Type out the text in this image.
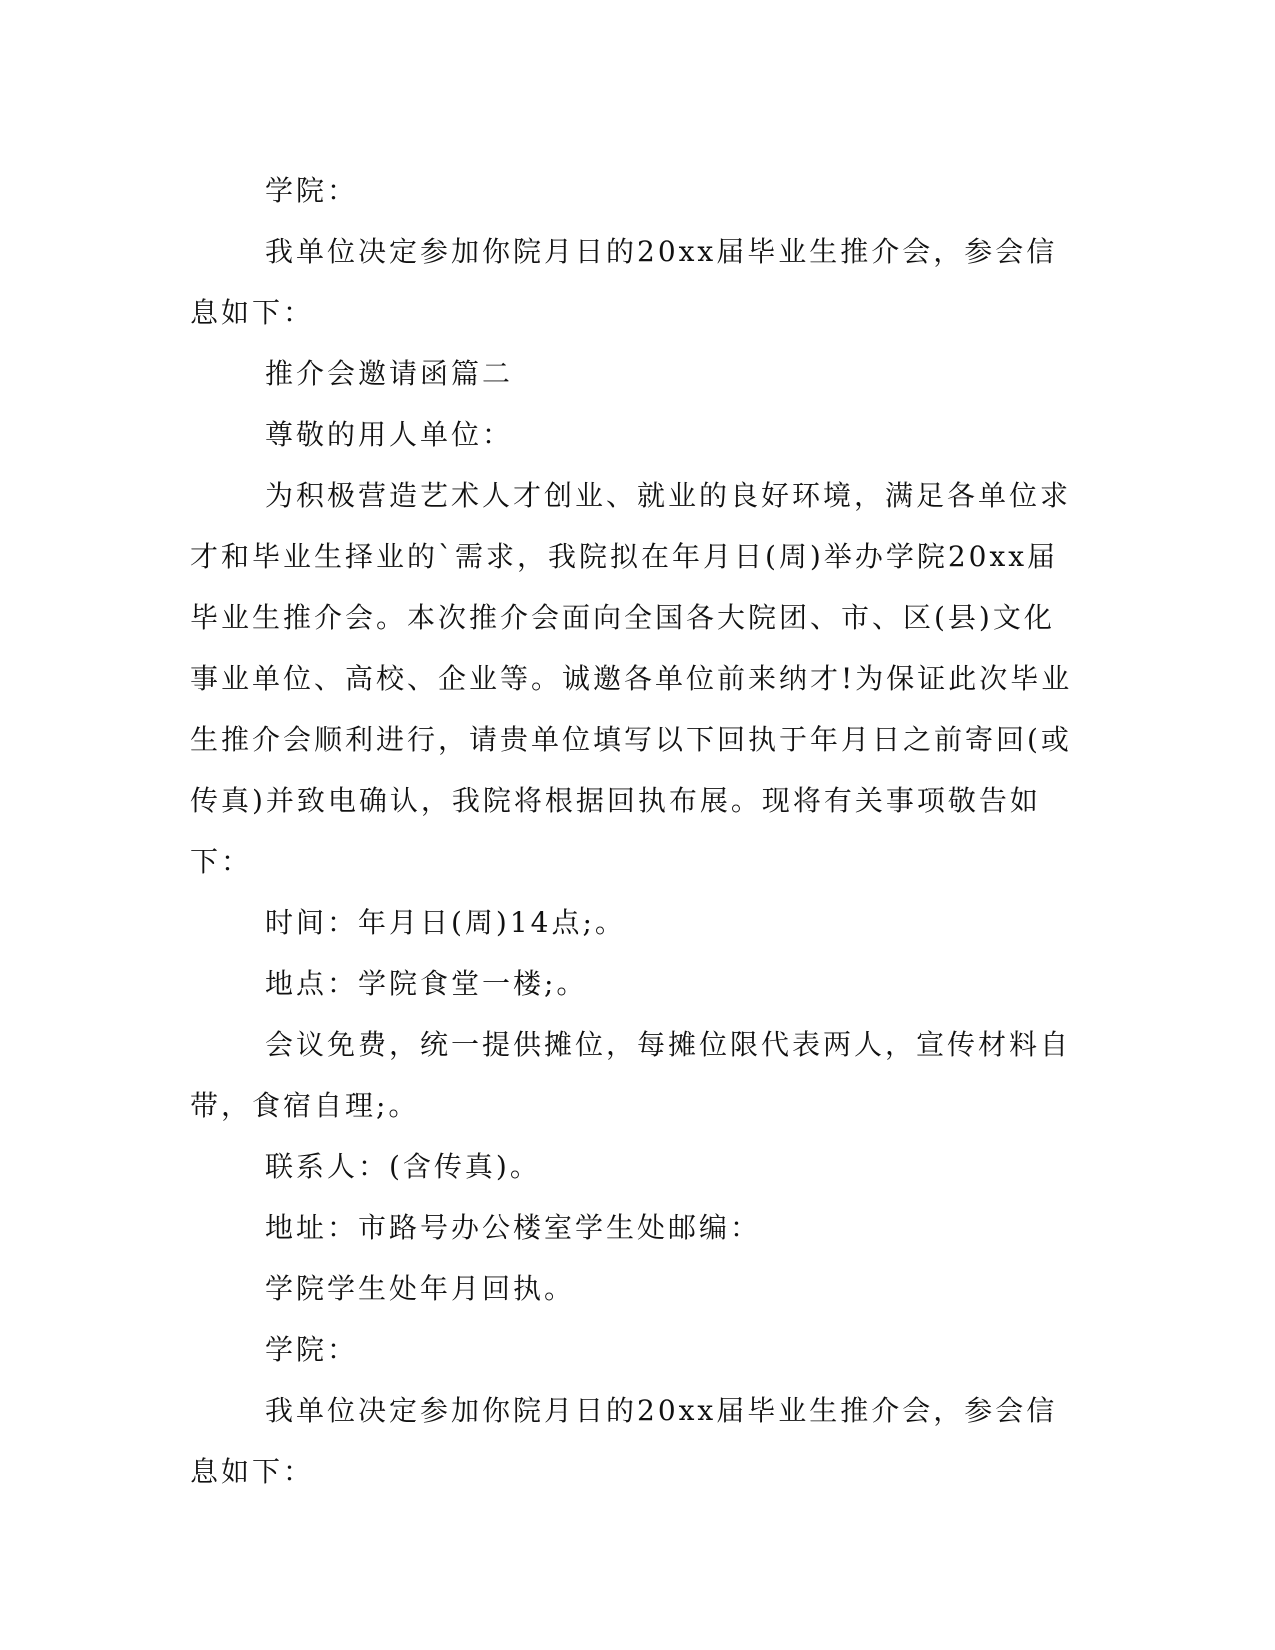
学院：

我单位决定参加你院月日的20xx届毕业生推介会，参会信息如下：

推介会邀请函篇二

尊敬的用人单位：

为积极营造艺术人才创业、就业的良好环境，满足各单位求才和毕业生择业的`需求，我院拟在年月日(周)举办学院20xx届毕业生推介会。本次推介会面向全国各大院团、市、区(县)文化事业单位、高校、企业等。诚邀各单位前来纳才!为保证此次毕业生推介会顺利进行，请贵单位填写以下回执于年月日之前寄回(或传真)并致电确认，我院将根据回执布展。现将有关事项敬告如下：

时间：年月日(周)14点;。

地点：学院食堂一楼;。

会议免费，统一提供摊位，每摊位限代表两人，宣传材料自带，食宿自理;。

联系人：(含传真)。

地址：市路号办公楼室学生处邮编：

学院学生处年月回执。

学院：

我单位决定参加你院月日的20xx届毕业生推介会，参会信息如下：
